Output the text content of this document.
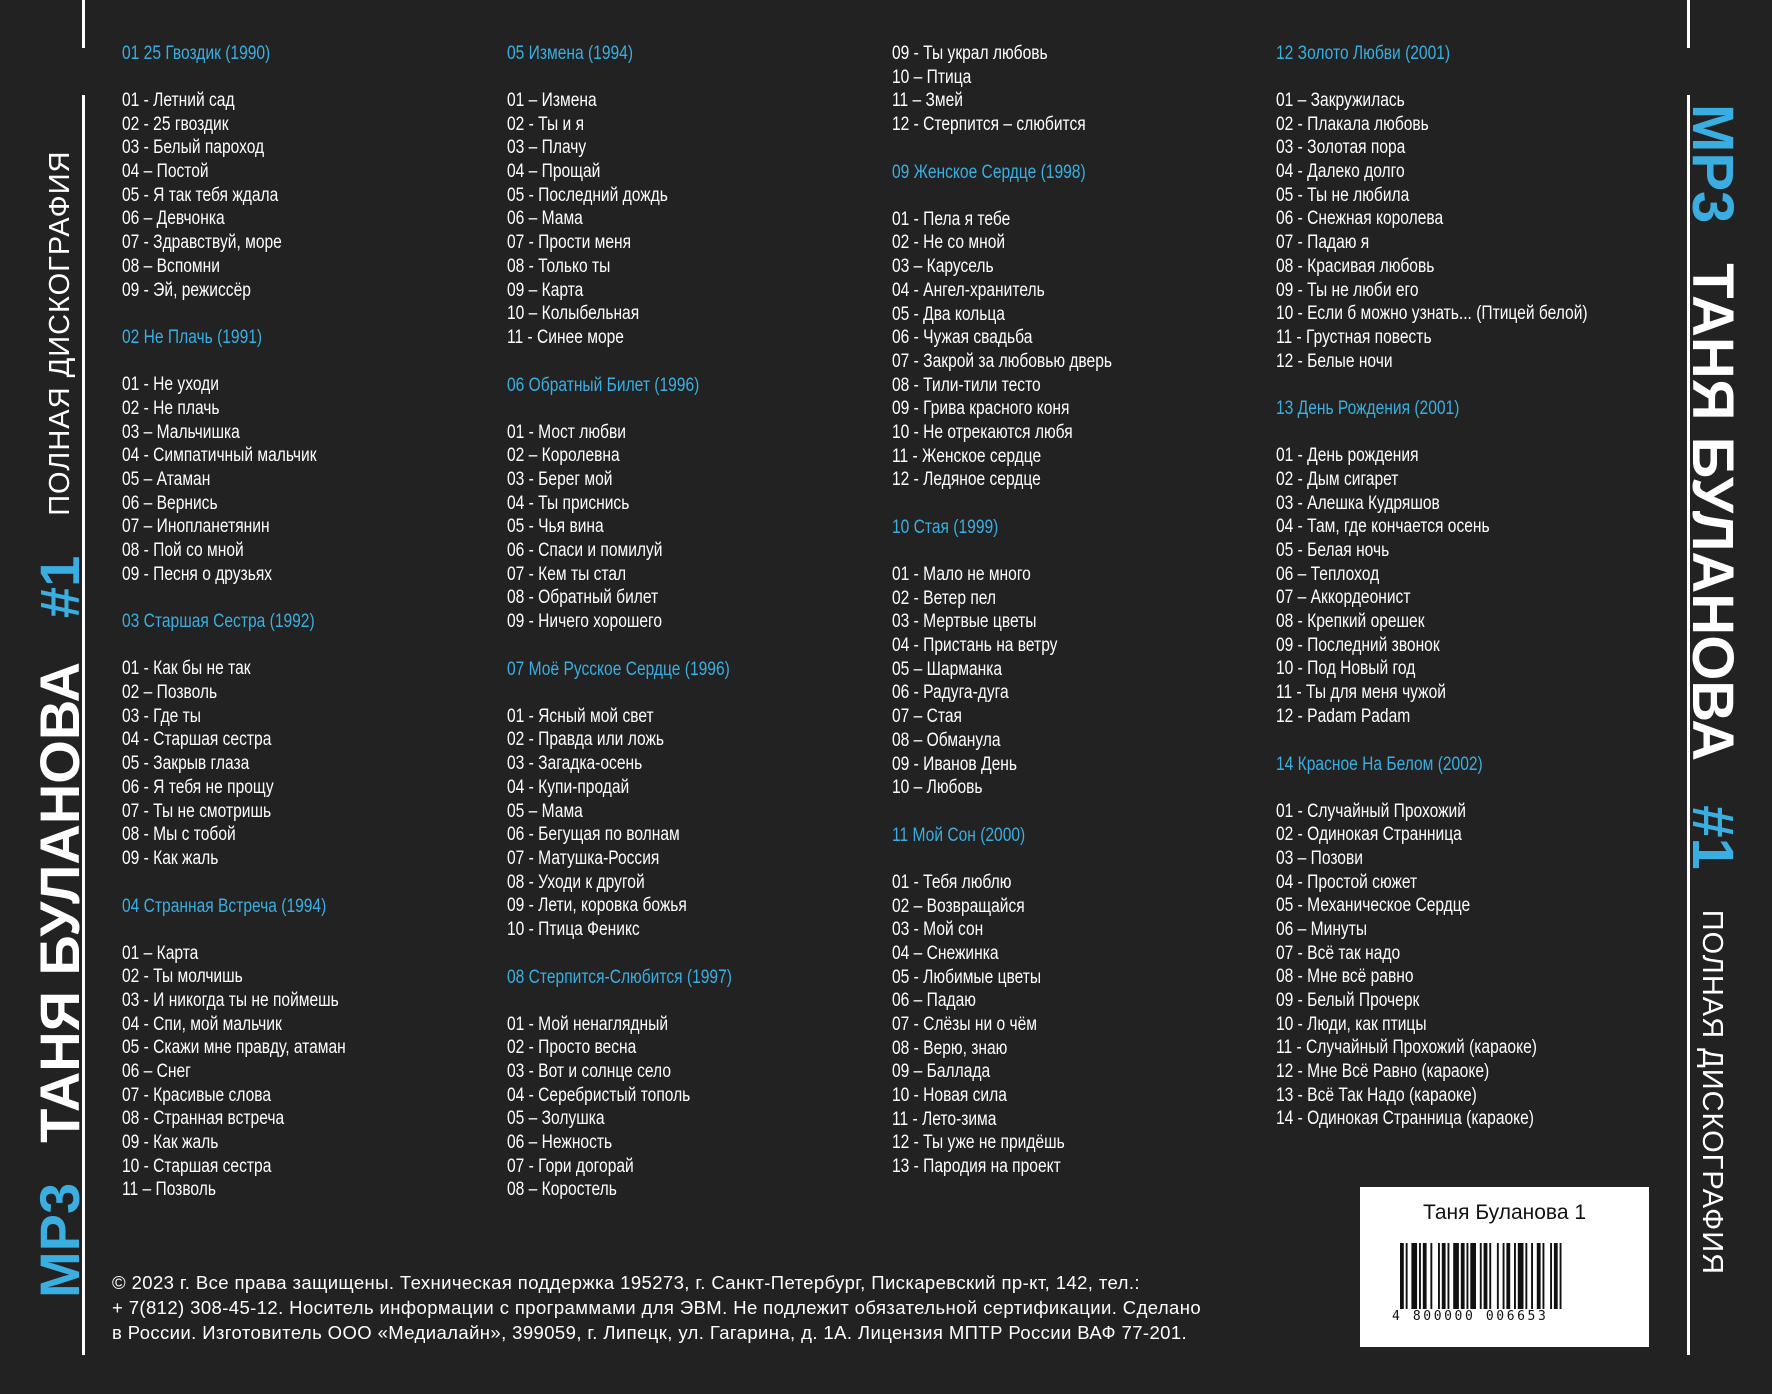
MP3
ТАНЯ БУЛАНОВА
#1
ПОЛНАЯ ДИСКОГРАФИЯ	MP3
ТАНЯ БУЛАНОВА
#1
ПОЛНАЯ ДИСКОГРАФИЯ
01 25 Гвоздик (1990)
01 - Летний сад
02 - 25 гвоздик
03 - Белый пароход
04 – Постой
05 - Я так тебя ждала
06 – Девчонка
07 - Здравствуй, море
08 – Вспомни
09 - Эй, режиссёр
02 Не Плачь (1991)
01 - Не уходи
02 - Не плачь
03 – Мальчишка
04 - Симпатичный мальчик
05 – Атаман
06 – Вернись
07 – Инопланетянин
08 - Пой со мной
09 - Песня о друзьях
03 Старшая Сестра (1992)
01 - Как бы не так
02 – Позволь
03 - Где ты
04 - Старшая сестра
05 - Закрыв глаза
06 - Я тебя не прощу
07 - Ты не смотришь
08 - Мы с тобой
09 - Как жаль
04 Странная Встреча (1994)
01 – Карта
02 - Ты молчишь
03 - И никогда ты не поймешь
04 - Спи, мой мальчик
05 - Скажи мне правду, атаман
06 – Снег
07 - Красивые слова
08 - Странная встреча
09 - Как жаль
10 - Старшая сестра
11 – Позволь
05 Измена (1994)
01 – Измена
02 - Ты и я
03 – Плачу
04 – Прощай
05 - Последний дождь
06 – Мама
07 - Прости меня
08 - Только ты
09 – Карта
10 – Колыбельная
11 - Синее море
06 Обратный Билет (1996)
01 - Мост любви
02 – Королевна
03 - Берег мой
04 - Ты приснись
05 - Чья вина
06 - Спаси и помилуй
07 - Кем ты стал
08 - Обратный билет
09 - Ничего хорошего
07 Моё Русское Сердце (1996)
01 - Ясный мой свет
02 - Правда или ложь
03 - Загадка-осень
04 - Купи-продай
05 – Мама
06 - Бегущая по волнам
07 - Матушка-Россия
08 - Уходи к другой
09 - Лети, коровка божья
10 - Птица Феникс
08 Стерпится-Слюбится (1997)
01 - Мой ненаглядный
02 - Просто весна
03 - Вот и солнце село
04 - Серебристый тополь
05 – Золушка
06 – Нежность
07 - Гори догорай
08 – Коростель
09 - Ты украл любовь
10 – Птица
11 – Змей
12 - Стерпится – слюбится
09 Женское Сердце (1998)
01 - Пела я тебе
02 - Не со мной
03 – Карусель
04 - Ангел-хранитель
05 - Два кольца
06 - Чужая свадьба
07 - Закрой за любовью дверь
08 - Тили-тили тесто
09 - Грива красного коня
10 - Не отрекаются любя
11 - Женское сердце
12 - Ледяное сердце
10 Стая (1999)
01 - Мало не много
02 - Ветер пел
03 - Мертвые цветы
04 - Пристань на ветру
05 – Шарманка
06 - Радуга-дуга
07 – Стая
08 – Обманула
09 - Иванов День
10 – Любовь
11 Мой Сон (2000)
01 - Тебя люблю
02 – Возвращайся
03 - Мой сон
04 – Снежинка
05 - Любимые цветы
06 – Падаю
07 - Слёзы ни о чём
08 - Верю, знаю
09 – Баллада
10 - Новая сила
11 - Лето-зима
12 - Ты уже не придёшь
13 - Пародия на проект
12 Золото Любви (2001)
01 – Закружилась
02 - Плакала любовь
03 - Золотая пора
04 - Далеко долго
05 - Ты не любила
06 - Снежная королева
07 - Падаю я
08 - Красивая любовь
09 - Ты не люби его
10 - Если б можно узнать... (Птицей белой)
11 - Грустная повесть
12 - Белые ночи
13 День Рождения (2001)
01 - День рождения
02 - Дым сигарет
03 - Алешка Кудряшов
04 - Там, где кончается осень
05 - Белая ночь
06 – Теплоход
07 – Аккордеонист
08 - Крепкий орешек
09 - Последний звонок
10 - Под Новый год
11 - Ты для меня чужой
12 - Padam Padam
14 Красное На Белом (2002)
01 - Случайный Прохожий
02 - Одинокая Странница
03 – Позови
04 - Простой сюжет
05 - Механическое Сердце
06 – Минуты
07 - Всё так надо
08 - Мне всё равно
09 - Белый Прочерк
10 - Люди, как птицы
11 - Случайный Прохожий (караоке)
12 - Мне Всё Равно (караоке)
13 - Всё Так Надо (караоке)
14 - Одинокая Странница (караоке)
© 2023 г. Все права защищены. Техническая поддержка 195273, г. Санкт-Петербург, Пискаревский пр-кт, 142, тел.:
+ 7(812) 308-45-12. Носитель информации с программами для ЭВМ. Не подлежит обязательной сертификации. Сделано
в России. Изготовитель ООО «Медиалайн», 399059, г. Липецк, ул. Гагарина, д. 1А. Лицензия МПТР России ВАФ 77-201.
Таня Буланова 1
4 800000 006653
